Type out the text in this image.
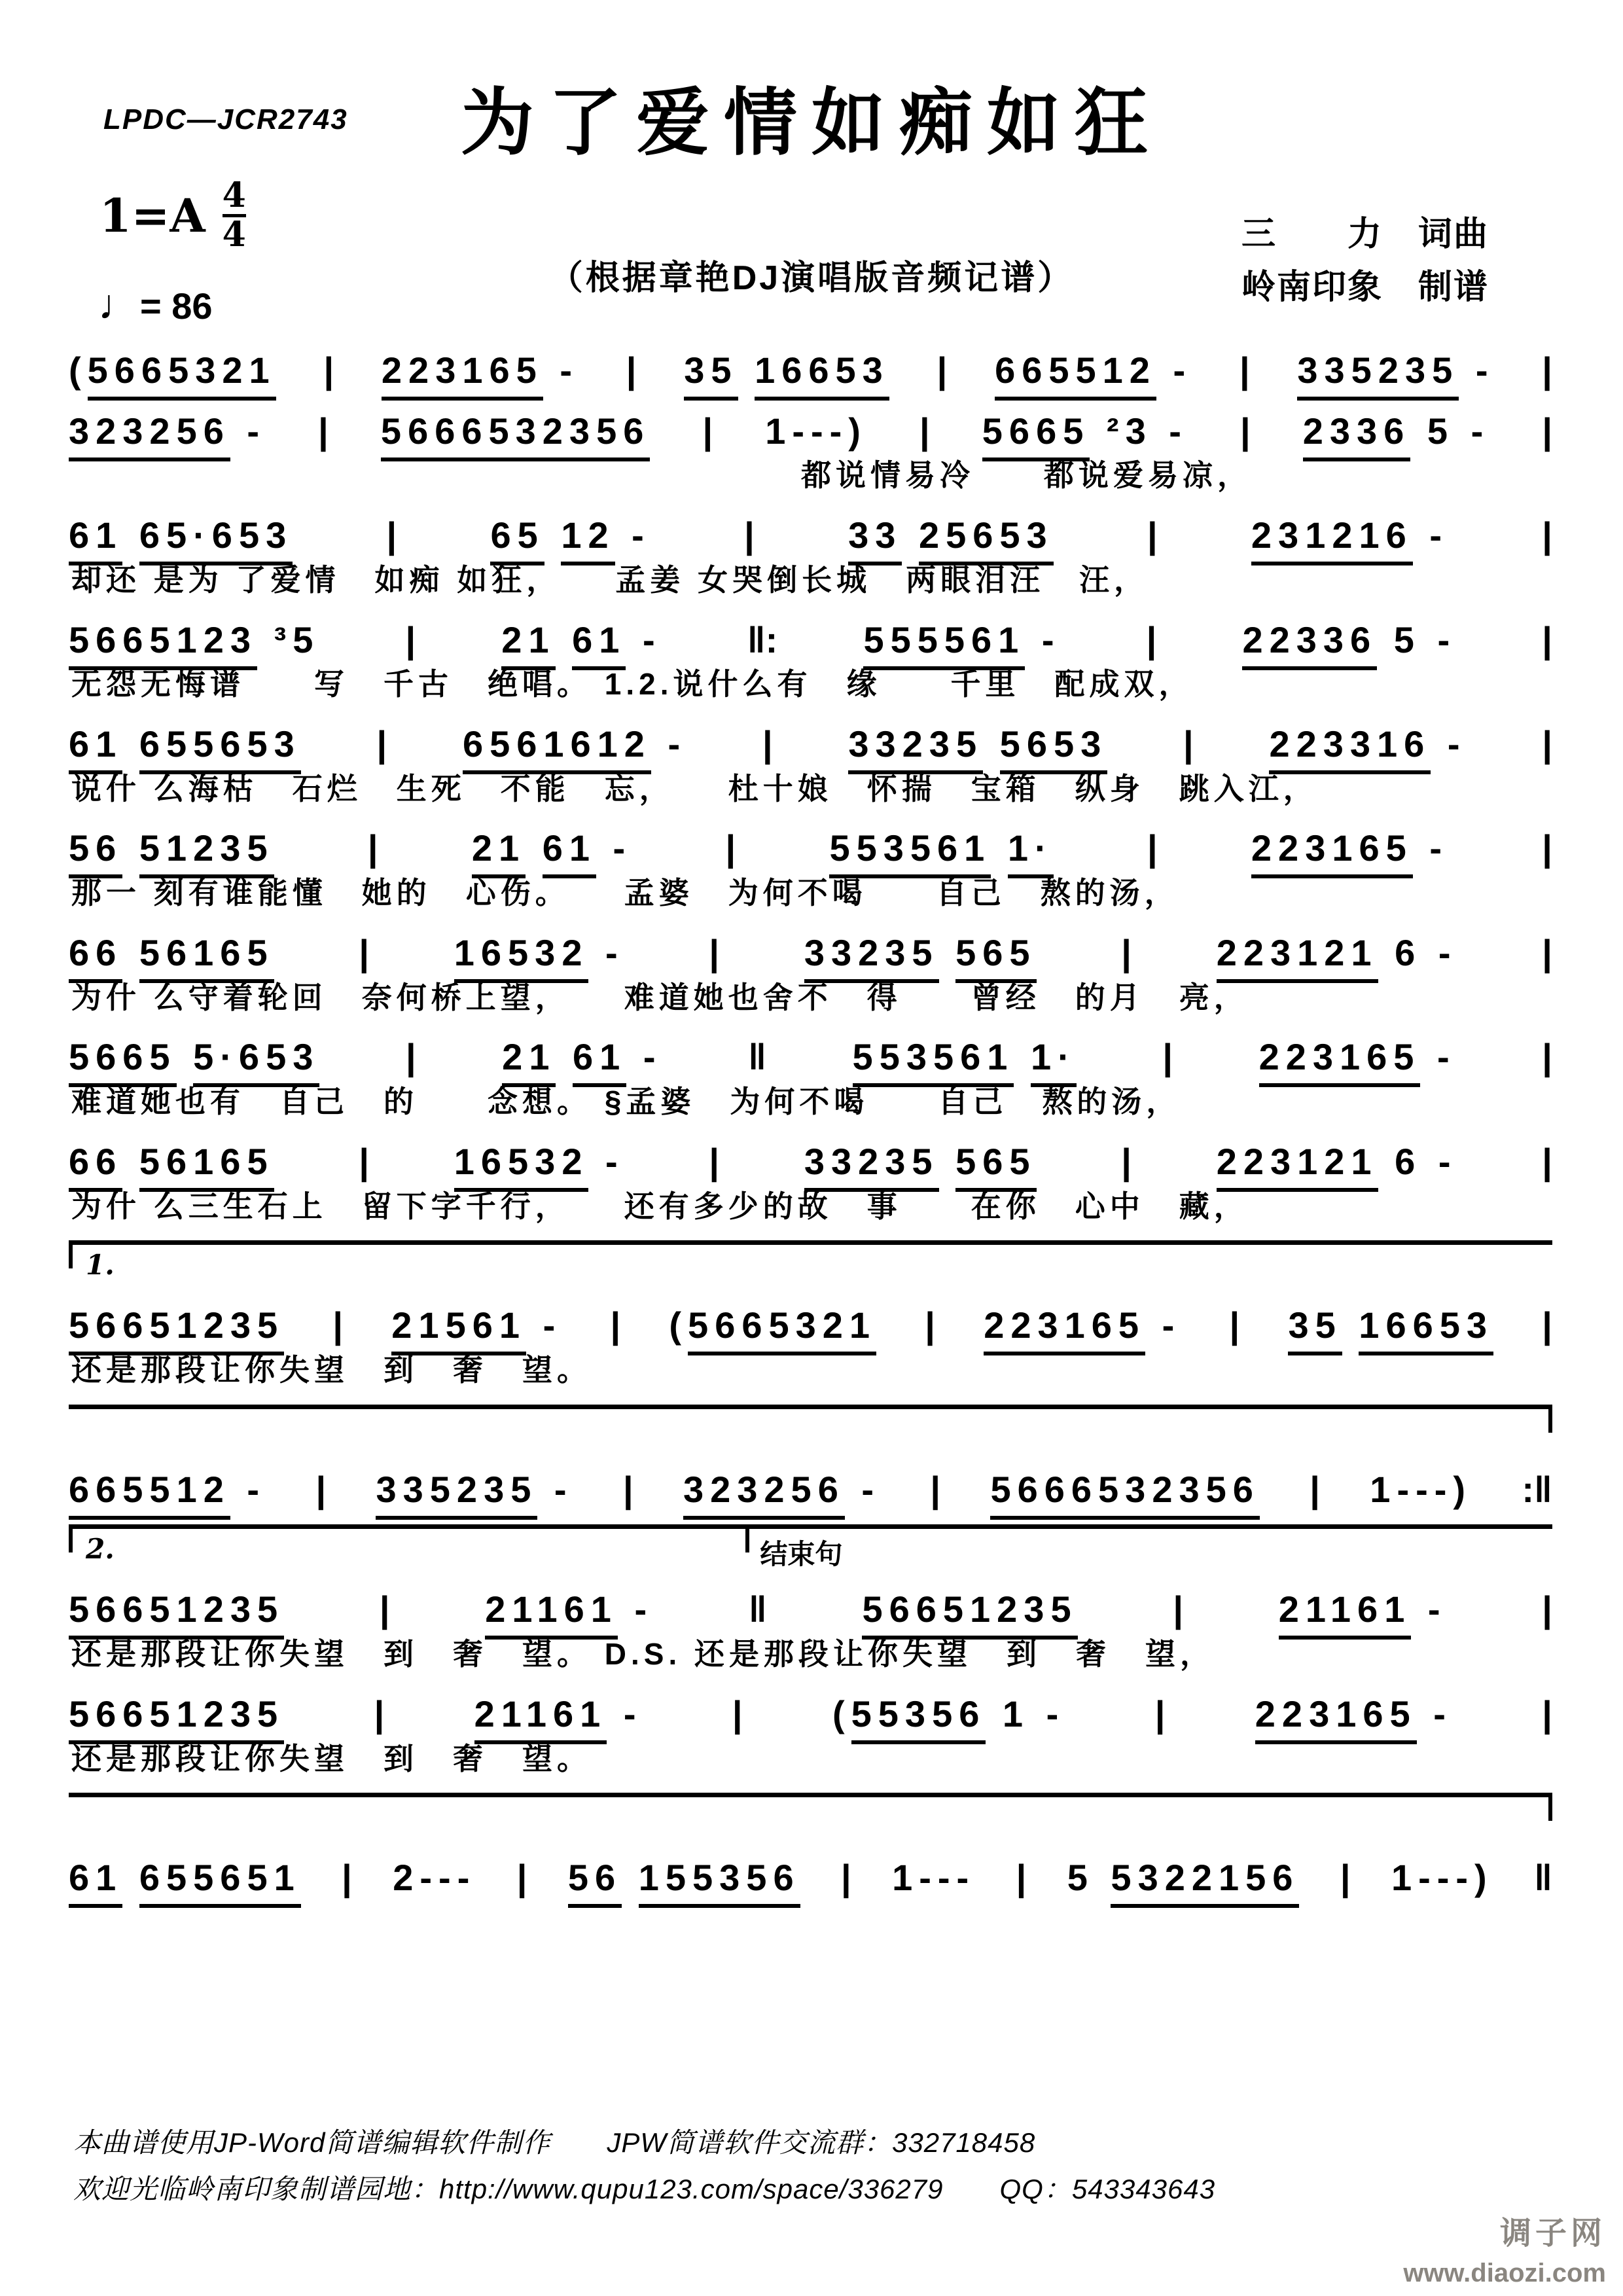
LPDC—JCR2743	为了爱情如痴如狂
$1=A \frac{4}{4}$
（根据章艳DJ演唱版音频记谱）
三　　力　词曲
岭南印象　制谱
♩= 86
(5665321 | 223165 - | 35 16653 | 665512 - | 335235 - |
323256 - | 5666532356 | 1---) | 5665 ²3 - | 2336 5 - |
都说情易冷　　都说爱易凉，
61 65·653	|	65 12 -	|	33 25653	|	231216 -	|
却还 是为 了爱情　如痴 如狂，　　孟姜 女哭倒长城　两眼泪汪　汪，
5665123 ³5 | 21 61 - ‖: 555561 - | 22336 5 - |
无怨无悔谱　　写　千古　绝唱。 1.2.说什么有　缘　　千里　配成双，
61 655653 | 6561612 - | 33235 5653 | 223316 - |
说什 么海枯　石烂　生死　不能　忘，　　杜十娘　怀揣　宝箱　纵身　跳入江，
56 51235	|	21 61 -	|	553561 1·	|	223165 -	|
那一 刻有谁能懂　她的　心伤。　　孟婆　为何不喝　　自己　熬的汤，
66 56165 | 16532 - | 33235 565 | 223121 6 - |
为什 么守着轮回　奈何桥上望，　　难道她也舍不　得　　曾经　的月　亮，
5665 5·653 | 21 61 - ‖ 553561 1· | 223165 - |
难道她也有　自己　的　　念想。 §孟婆　为何不喝　　自己　熬的汤，
66 56165 | 16532 - | 33235 565 | 223121 6 - |
为什 么三生石上　留下字千行，　　还有多少的故　事　　在你　心中　藏，
1.
56651235 | 21561 - | (5665321 | 223165 - | 35 16653 |
还是那段让你失望　到　奢　望。
665512 - | 335235 - | 323256 - | 5666532356 | 1---) :‖
2.	结束句
56651235	|	21161 -	‖	56651235	|	21161 -	|
还是那段让你失望　到　奢　望。 D.S. 还是那段让你失望　到　奢　望，
56651235 | 21161 - | (55356 1 - | 223165 - |
还是那段让你失望　到　奢　望。
61 655651 | 2--- | 56 155356 | 1--- | 5 5322156 | 1---) ‖
本曲谱使用JP-Word简谱编辑软件制作　　JPW简谱软件交流群：332718458
欢迎光临岭南印象制谱园地：http://www.qupu123.com/space/336279　　QQ：543343643
调子网
www.diaozi.com
